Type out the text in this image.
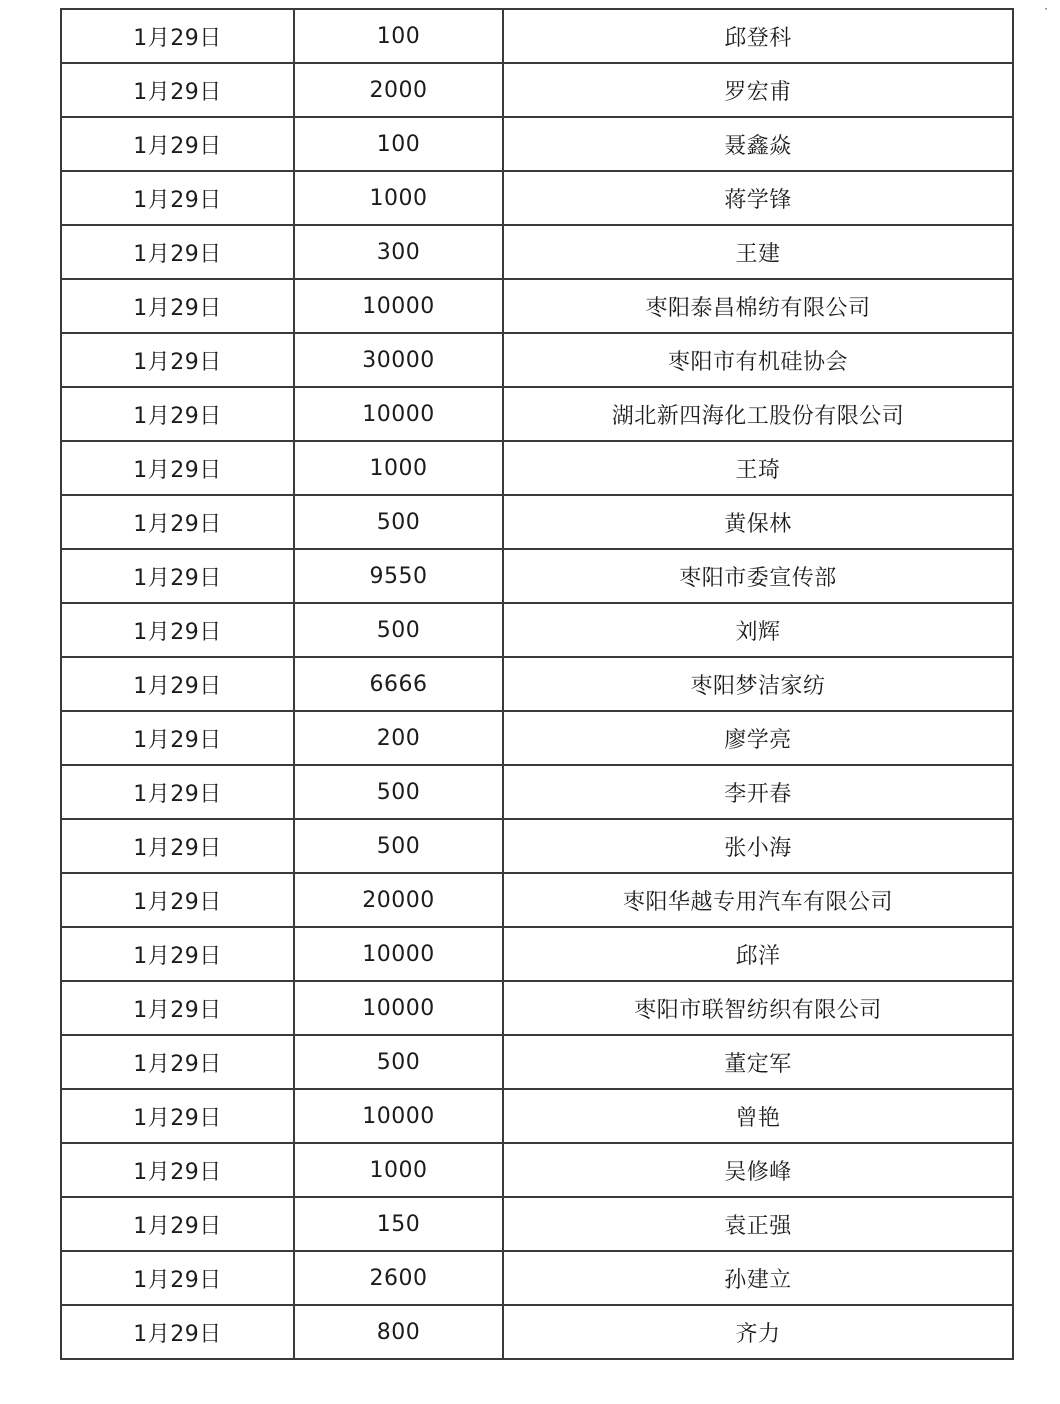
·
1月29日	100	邱登科
1月29日	2000	罗宏甫
1月29日	100	聂鑫焱
1月29日	1000	蒋学锋
1月29日	300	王建
1月29日	10000	枣阳泰昌棉纺有限公司
1月29日	30000	枣阳市有机硅协会
1月29日	10000	湖北新四海化工股份有限公司
1月29日	1000	王琦
1月29日	500	黄保林
1月29日	9550	枣阳市委宣传部
1月29日	500	刘辉
1月29日	6666	枣阳梦洁家纺
1月29日	200	廖学亮
1月29日	500	李开春
1月29日	500	张小海
1月29日	20000	枣阳华越专用汽车有限公司
1月29日	10000	邱洋
1月29日	10000	枣阳市联智纺织有限公司
1月29日	500	董定军
1月29日	10000	曾艳
1月29日	1000	吴修峰
1月29日	150	袁正强
1月29日	2600	孙建立
1月29日	800	齐力
